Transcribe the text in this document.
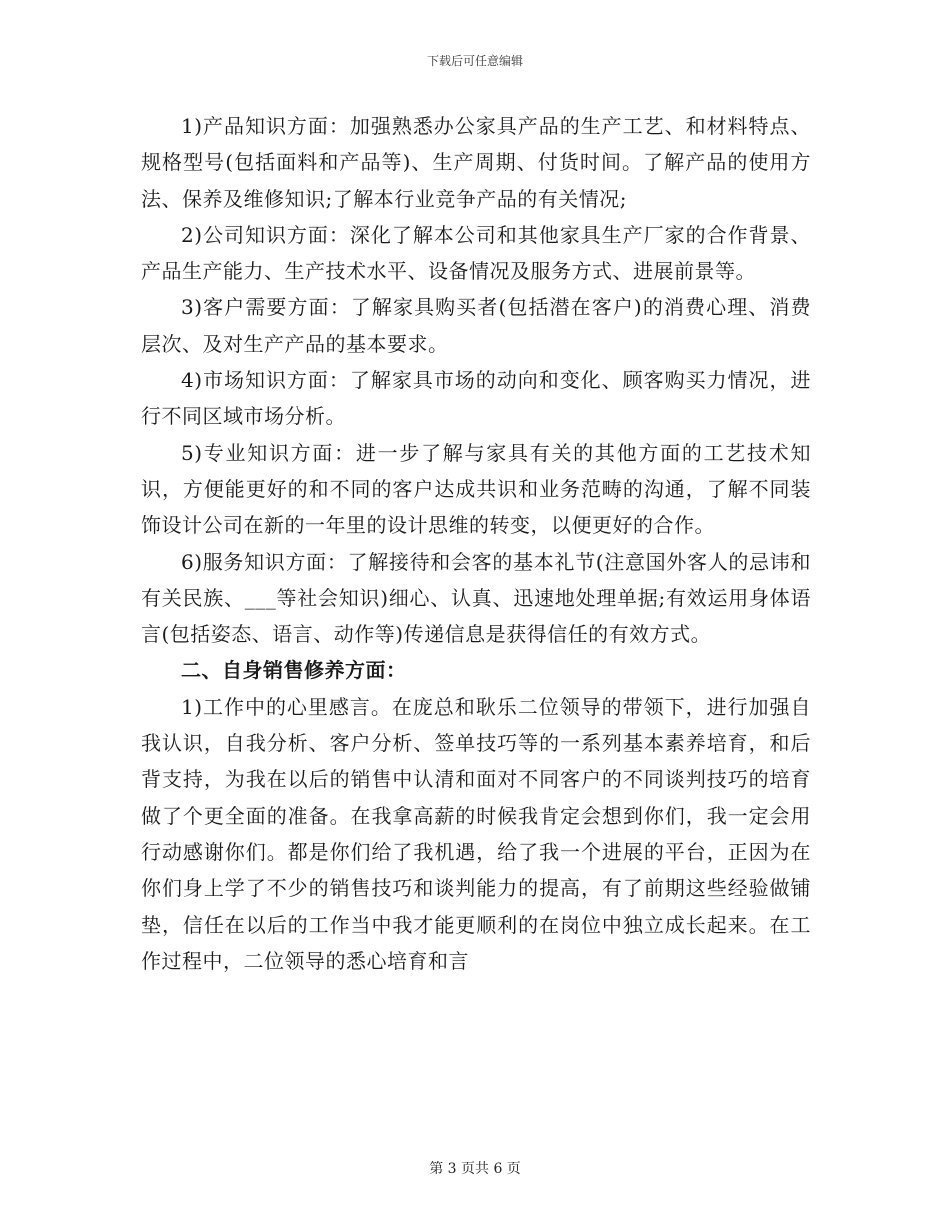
下载后可任意编辑

1)产品知识方面：加强熟悉办公家具产品的生产工艺、和材料特点、规格型号(包括面料和产品等)、生产周期、付货时间。了解产品的使用方法、保养及维修知识;了解本行业竞争产品的有关情况;

2)公司知识方面：深化了解本公司和其他家具生产厂家的合作背景、产品生产能力、生产技术水平、设备情况及服务方式、进展前景等。

3)客户需要方面：了解家具购买者(包括潜在客户)的消费心理、消费层次、及对生产产品的基本要求。

4)市场知识方面：了解家具市场的动向和变化、顾客购买力情况，进行不同区域市场分析。

5)专业知识方面：进一步了解与家具有关的其他方面的工艺技术知识，方便能更好的和不同的客户达成共识和业务范畴的沟通，了解不同装饰设计公司在新的一年里的设计思维的转变，以便更好的合作。

6)服务知识方面：了解接待和会客的基本礼节(注意国外客人的忌讳和有关民族、___等社会知识)细心、认真、迅速地处理单据;有效运用身体语言(包括姿态、语言、动作等)传递信息是获得信任的有效方式。

二、自身销售修养方面：

1)工作中的心里感言。在庞总和耿乐二位领导的带领下，进行加强自我认识，自我分析、客户分析、签单技巧等的一系列基本素养培育，和后背支持，为我在以后的销售中认清和面对不同客户的不同谈判技巧的培育做了个更全面的准备。在我拿高薪的时候我肯定会想到你们，我一定会用行动感谢你们。都是你们给了我机遇，给了我一个进展的平台，正因为在你们身上学了不少的销售技巧和谈判能力的提高，有了前期这些经验做铺垫，信任在以后的工作当中我才能更顺利的在岗位中独立成长起来。在工作过程中，二位领导的悉心培育和言

第 3 页共 6 页
